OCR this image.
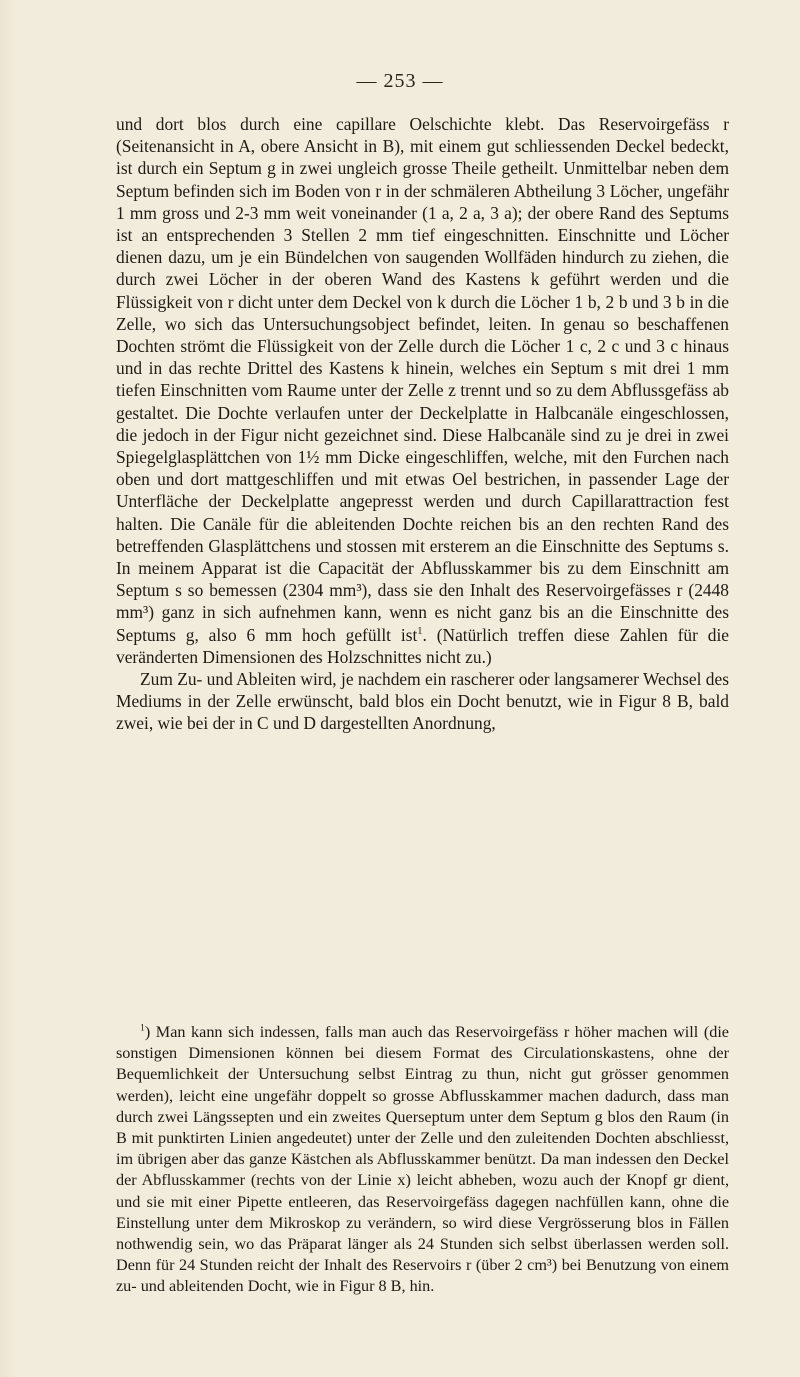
— 253 —

und dort blos durch eine capillare Oelschichte klebt. Das Reservoirgefäss r (Seitenansicht in A, obere Ansicht in B), mit einem gut schliessenden Deckel bedeckt, ist durch ein Septum g in zwei ungleich grosse Theile getheilt. Unmittelbar neben dem Septum befinden sich im Boden von r in der schmäleren Abtheilung 3 Löcher, ungefähr 1 mm gross und 2-3 mm weit voneinander (1 a, 2 a, 3 a); der obere Rand des Septums ist an entsprechenden 3 Stellen 2 mm tief eingeschnitten. Einschnitte und Löcher dienen dazu, um je ein Bündelchen von saugenden Wollfäden hindurch zu ziehen, die durch zwei Löcher in der oberen Wand des Kastens k geführt werden und die Flüssigkeit von r dicht unter dem Deckel von k durch die Löcher 1 b, 2 b und 3 b in die Zelle, wo sich das Untersuchungsobject befindet, leiten. In genau so beschaffenen Dochten strömt die Flüssigkeit von der Zelle durch die Löcher 1 c, 2 c und 3 c hinaus und in das rechte Drittel des Kastens k hinein, welches ein Septum s mit drei 1 mm tiefen Einschnitten vom Raume unter der Zelle z trennt und so zu dem Abflussgefäss ab gestaltet. Die Dochte verlaufen unter der Deckelplatte in Halbcanäle eingeschlossen, die jedoch in der Figur nicht gezeichnet sind. Diese Halbcanäle sind zu je drei in zwei Spiegelglasplättchen von 1½ mm Dicke eingeschliffen, welche, mit den Furchen nach oben und dort mattgeschliffen und mit etwas Oel bestrichen, in passender Lage der Unterfläche der Deckelplatte angepresst werden und durch Capillarattraction fest halten. Die Canäle für die ableitenden Dochte reichen bis an den rechten Rand des betreffenden Glasplättchens und stossen mit ersterem an die Einschnitte des Septums s. In meinem Apparat ist die Capacität der Abflusskammer bis zu dem Einschnitt am Septum s so bemessen (2304 mm³), dass sie den Inhalt des Reservoirgefässes r (2448 mm³) ganz in sich aufnehmen kann, wenn es nicht ganz bis an die Einschnitte des Septums g, also 6 mm hoch gefüllt ist$^1$. (Natürlich treffen diese Zahlen für die veränderten Dimensionen des Holzschnittes nicht zu.)

Zum Zu- und Ableiten wird, je nachdem ein rascherer oder langsamerer Wechsel des Mediums in der Zelle erwünscht, bald blos ein Docht benutzt, wie in Figur 8 B, bald zwei, wie bei der in C und D dargestellten Anordnung,

$^1$) Man kann sich indessen, falls man auch das Reservoirgefäss r höher machen will (die sonstigen Dimensionen können bei diesem Format des Circulationskastens, ohne der Bequemlichkeit der Untersuchung selbst Eintrag zu thun, nicht gut grösser genommen werden), leicht eine ungefähr doppelt so grosse Abflusskammer machen dadurch, dass man durch zwei Längssepten und ein zweites Querseptum unter dem Septum g blos den Raum (in B mit punktirten Linien angedeutet) unter der Zelle und den zuleitenden Dochten abschliesst, im übrigen aber das ganze Kästchen als Abflusskammer benützt. Da man indessen den Deckel der Abflusskammer (rechts von der Linie x) leicht abheben, wozu auch der Knopf gr dient, und sie mit einer Pipette entleeren, das Reservoirgefäss dagegen nachfüllen kann, ohne die Einstellung unter dem Mikroskop zu verändern, so wird diese Vergrösserung blos in Fällen nothwendig sein, wo das Präparat länger als 24 Stunden sich selbst überlassen werden soll. Denn für 24 Stunden reicht der Inhalt des Reservoirs r (über 2 cm³) bei Benutzung von einem zu- und ableitenden Docht, wie in Figur 8 B, hin.
